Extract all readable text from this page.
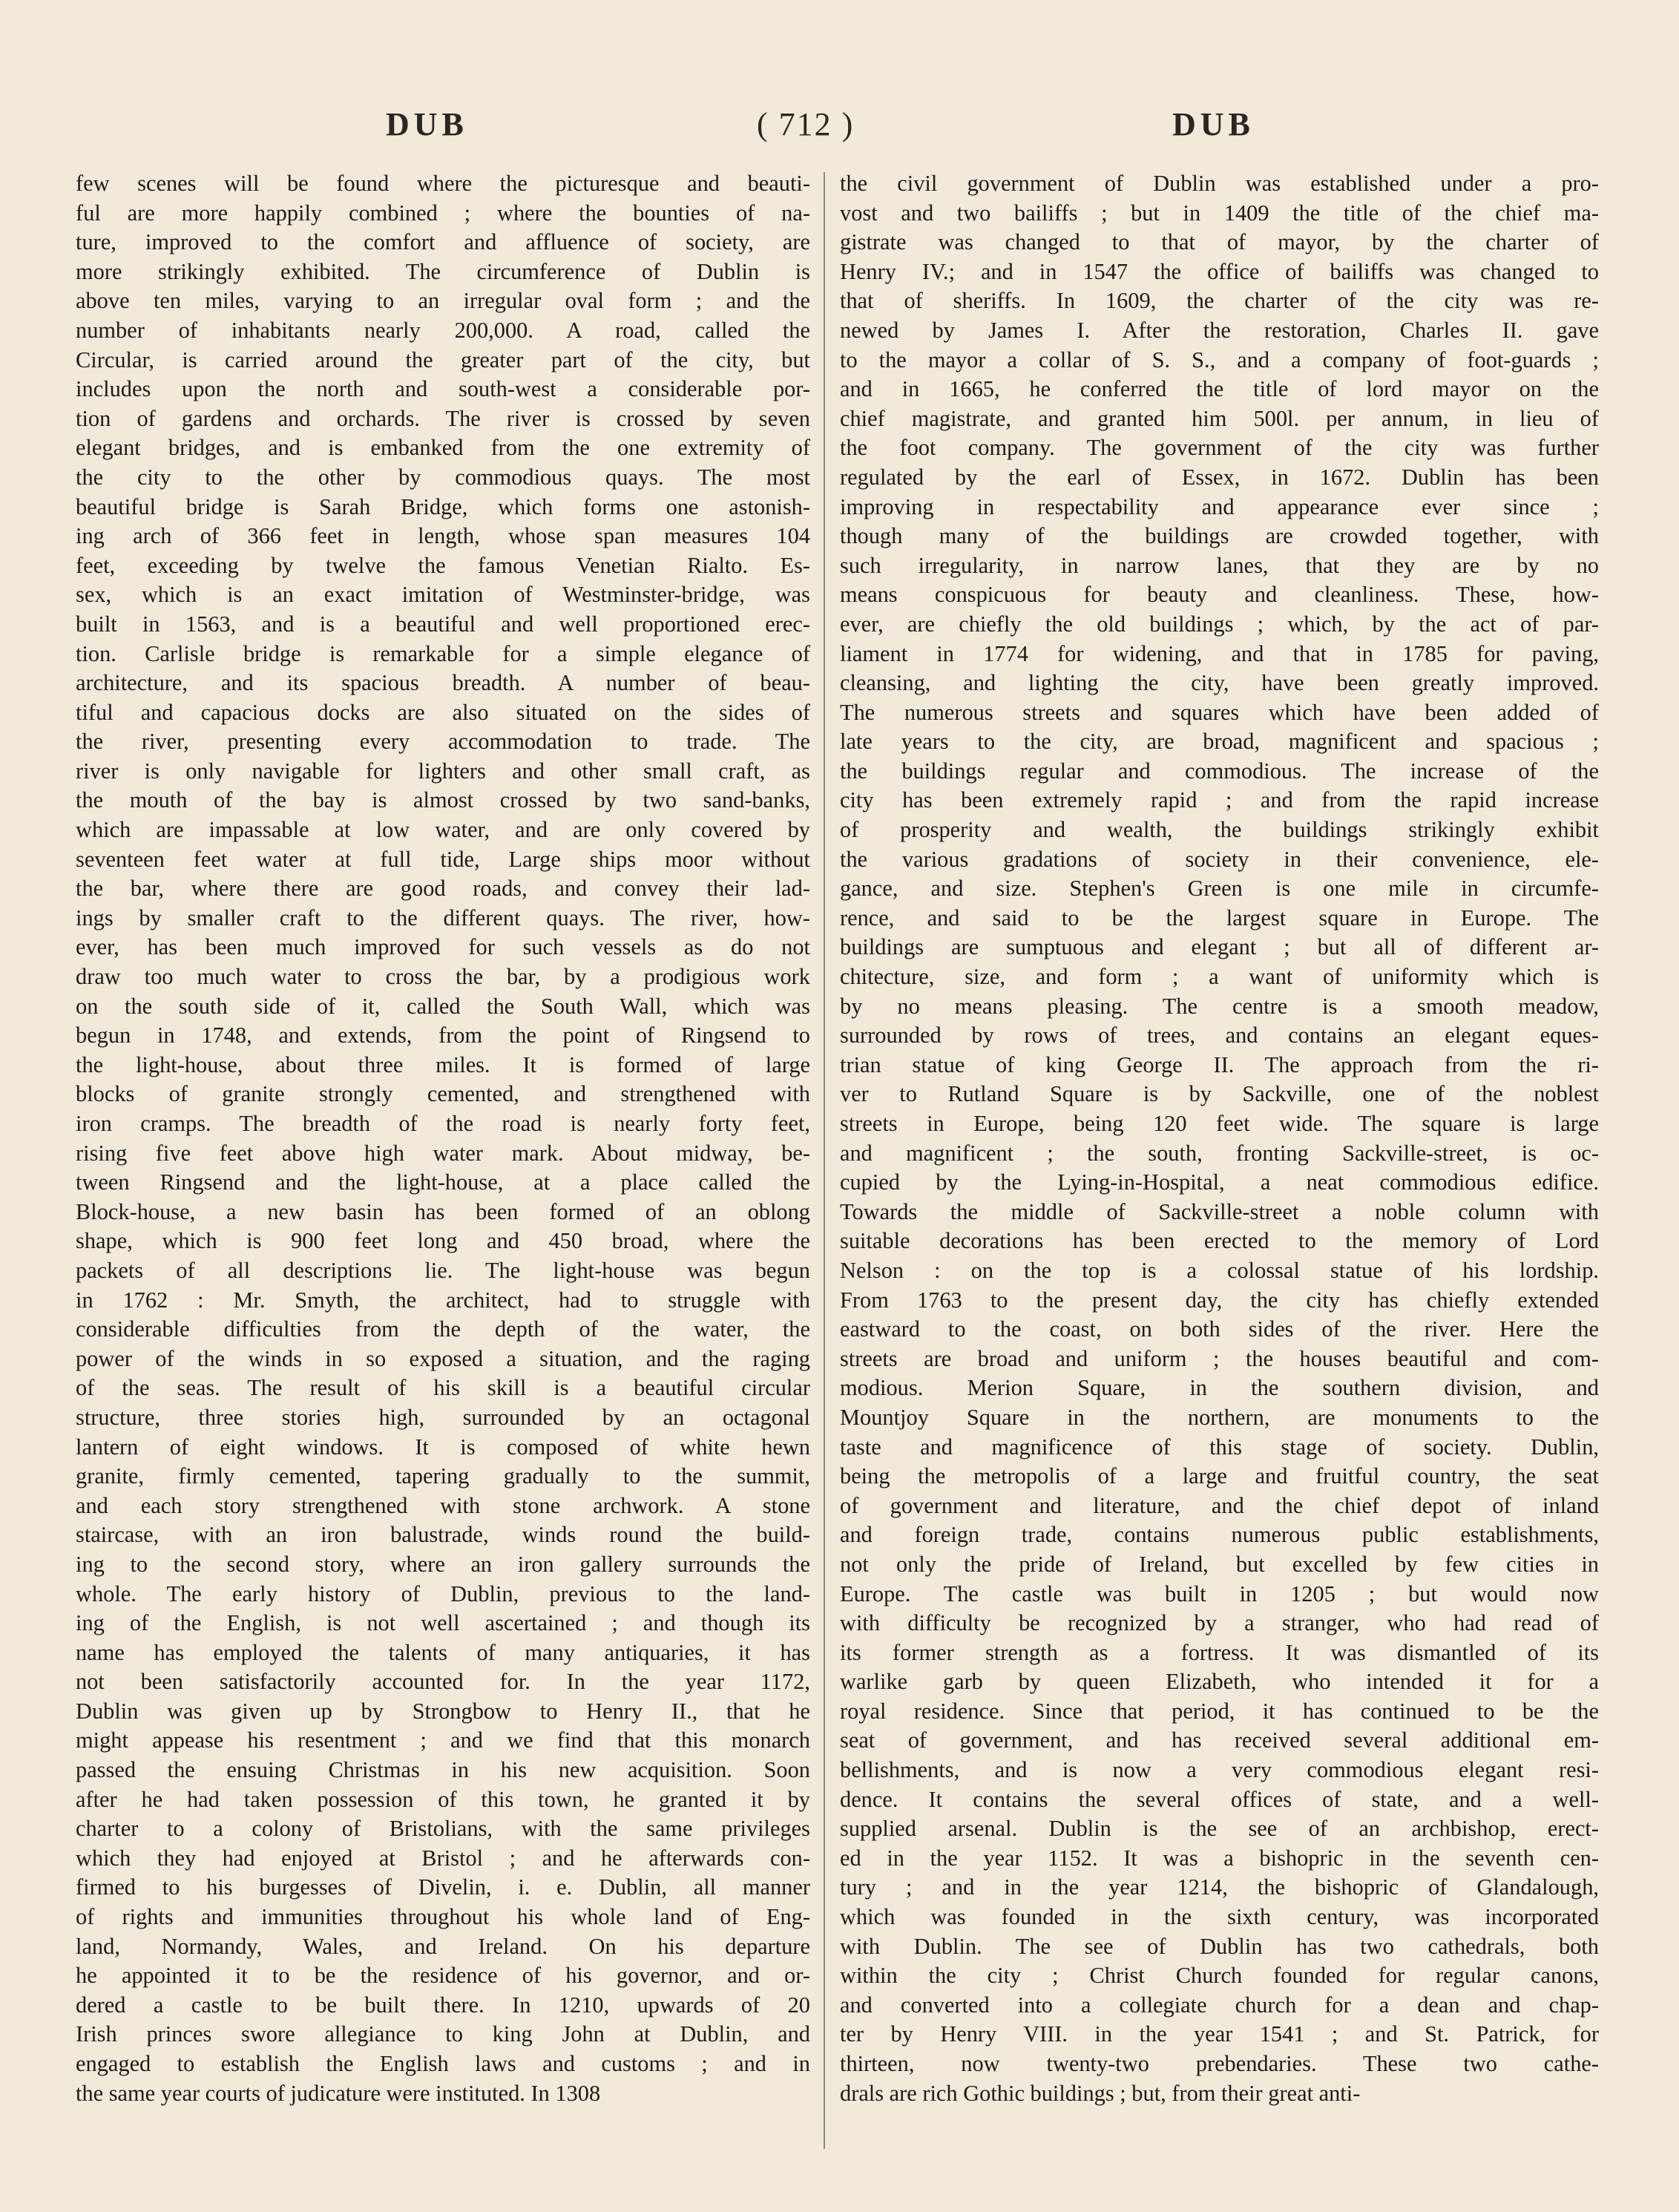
DUB	( 712 )	DUB
few scenes will be found where the picturesque and beauti-
ful are more happily combined ; where the bounties of na-
ture, improved to the comfort and affluence of society, are
more strikingly exhibited. The circumference of Dublin is
above ten miles, varying to an irregular oval form ; and the
number of inhabitants nearly 200,000. A road, called the
Circular, is carried around the greater part of the city, but
includes upon the north and south-west a considerable por-
tion of gardens and orchards. The river is crossed by seven
elegant bridges, and is embanked from the one extremity of
the city to the other by commodious quays. The most
beautiful bridge is Sarah Bridge, which forms one astonish-
ing arch of 366 feet in length, whose span measures 104
feet, exceeding by twelve the famous Venetian Rialto. Es-
sex, which is an exact imitation of Westminster-bridge, was
built in 1563, and is a beautiful and well proportioned erec-
tion. Carlisle bridge is remarkable for a simple elegance of
architecture, and its spacious breadth. A number of beau-
tiful and capacious docks are also situated on the sides of
the river, presenting every accommodation to trade. The
river is only navigable for lighters and other small craft, as
the mouth of the bay is almost crossed by two sand-banks,
which are impassable at low water, and are only covered by
seventeen feet water at full tide, Large ships moor without
the bar, where there are good roads, and convey their lad-
ings by smaller craft to the different quays. The river, how-
ever, has been much improved for such vessels as do not
draw too much water to cross the bar, by a prodigious work
on the south side of it, called the South Wall, which was
begun in 1748, and extends, from the point of Ringsend to
the light-house, about three miles. It is formed of large
blocks of granite strongly cemented, and strengthened with
iron cramps. The breadth of the road is nearly forty feet,
rising five feet above high water mark. About midway, be-
tween Ringsend and the light-house, at a place called the
Block-house, a new basin has been formed of an oblong
shape, which is 900 feet long and 450 broad, where the
packets of all descriptions lie. The light-house was begun
in 1762 : Mr. Smyth, the architect, had to struggle with
considerable difficulties from the depth of the water, the
power of the winds in so exposed a situation, and the raging
of the seas. The result of his skill is a beautiful circular
structure, three stories high, surrounded by an octagonal
lantern of eight windows. It is composed of white hewn
granite, firmly cemented, tapering gradually to the summit,
and each story strengthened with stone archwork. A stone
staircase, with an iron balustrade, winds round the build-
ing to the second story, where an iron gallery surrounds the
whole. The early history of Dublin, previous to the land-
ing of the English, is not well ascertained ; and though its
name has employed the talents of many antiquaries, it has
not been satisfactorily accounted for. In the year 1172,
Dublin was given up by Strongbow to Henry II., that he
might appease his resentment ; and we find that this monarch
passed the ensuing Christmas in his new acquisition. Soon
after he had taken possession of this town, he granted it by
charter to a colony of Bristolians, with the same privileges
which they had enjoyed at Bristol ; and he afterwards con-
firmed to his burgesses of Divelin, i. e. Dublin, all manner
of rights and immunities throughout his whole land of Eng-
land, Normandy, Wales, and Ireland. On his departure
he appointed it to be the residence of his governor, and or-
dered a castle to be built there. In 1210, upwards of 20
Irish princes swore allegiance to king John at Dublin, and
engaged to establish the English laws and customs ; and in
the same year courts of judicature were instituted. In 1308
the civil government of Dublin was established under a pro-
vost and two bailiffs ; but in 1409 the title of the chief ma-
gistrate was changed to that of mayor, by the charter of
Henry IV.; and in 1547 the office of bailiffs was changed to
that of sheriffs. In 1609, the charter of the city was re-
newed by James I. After the restoration, Charles II. gave
to the mayor a collar of S. S., and a company of foot-guards ;
and in 1665, he conferred the title of lord mayor on the
chief magistrate, and granted him 500l. per annum, in lieu of
the foot company. The government of the city was further
regulated by the earl of Essex, in 1672. Dublin has been
improving in respectability and appearance ever since ;
though many of the buildings are crowded together, with
such irregularity, in narrow lanes, that they are by no
means conspicuous for beauty and cleanliness. These, how-
ever, are chiefly the old buildings ; which, by the act of par-
liament in 1774 for widening, and that in 1785 for paving,
cleansing, and lighting the city, have been greatly improved.
The numerous streets and squares which have been added of
late years to the city, are broad, magnificent and spacious ;
the buildings regular and commodious. The increase of the
city has been extremely rapid ; and from the rapid increase
of prosperity and wealth, the buildings strikingly exhibit
the various gradations of society in their convenience, ele-
gance, and size. Stephen's Green is one mile in circumfe-
rence, and said to be the largest square in Europe. The
buildings are sumptuous and elegant ; but all of different ar-
chitecture, size, and form ; a want of uniformity which is
by no means pleasing. The centre is a smooth meadow,
surrounded by rows of trees, and contains an elegant eques-
trian statue of king George II. The approach from the ri-
ver to Rutland Square is by Sackville, one of the noblest
streets in Europe, being 120 feet wide. The square is large
and magnificent ; the south, fronting Sackville-street, is oc-
cupied by the Lying-in-Hospital, a neat commodious edifice.
Towards the middle of Sackville-street a noble column with
suitable decorations has been erected to the memory of Lord
Nelson : on the top is a colossal statue of his lordship.
From 1763 to the present day, the city has chiefly extended
eastward to the coast, on both sides of the river. Here the
streets are broad and uniform ; the houses beautiful and com-
modious. Merion Square, in the southern division, and
Mountjoy Square in the northern, are monuments to the
taste and magnificence of this stage of society. Dublin,
being the metropolis of a large and fruitful country, the seat
of government and literature, and the chief depot of inland
and foreign trade, contains numerous public establishments,
not only the pride of Ireland, but excelled by few cities in
Europe. The castle was built in 1205 ; but would now
with difficulty be recognized by a stranger, who had read of
its former strength as a fortress. It was dismantled of its
warlike garb by queen Elizabeth, who intended it for a
royal residence. Since that period, it has continued to be the
seat of government, and has received several additional em-
bellishments, and is now a very commodious elegant resi-
dence. It contains the several offices of state, and a well-
supplied arsenal. Dublin is the see of an archbishop, erect-
ed in the year 1152. It was a bishopric in the seventh cen-
tury ; and in the year 1214, the bishopric of Glandalough,
which was founded in the sixth century, was incorporated
with Dublin. The see of Dublin has two cathedrals, both
within the city ; Christ Church founded for regular canons,
and converted into a collegiate church for a dean and chap-
ter by Henry VIII. in the year 1541 ; and St. Patrick, for
thirteen, now twenty-two prebendaries. These two cathe-
drals are rich Gothic buildings ; but, from their great anti-
